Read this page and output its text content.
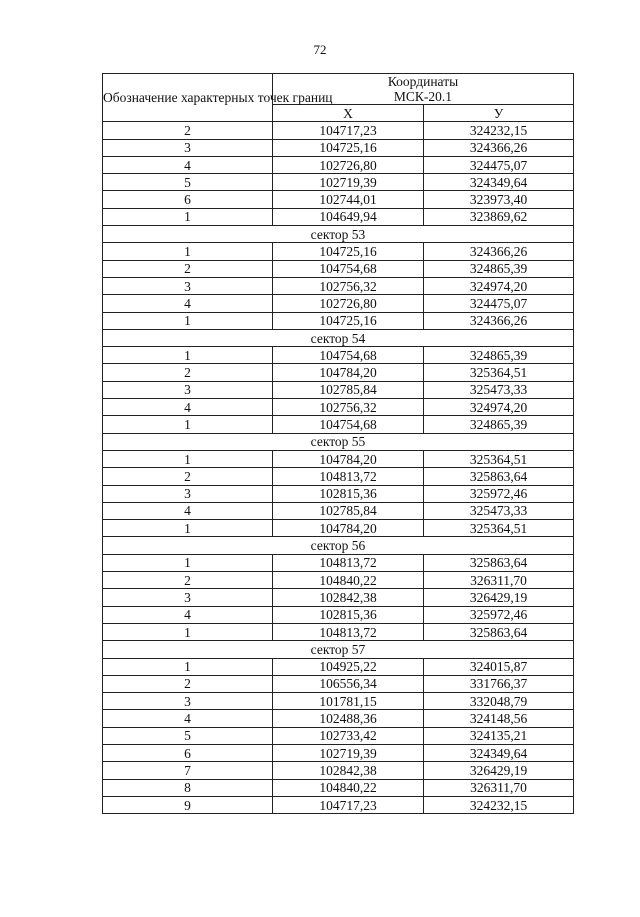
72
Обозначение характерных точек границ	Координаты
МСК-20.1	

	Х	У
2	104717,23	324232,15
3	104725,16	324366,26
4	102726,80	324475,07
5	102719,39	324349,64
6	102744,01	323973,40
1	104649,94	323869,62
сектор 53		
1	104725,16	324366,26
2	104754,68	324865,39
3	102756,32	324974,20
4	102726,80	324475,07
1	104725,16	324366,26
сектор 54		
1	104754,68	324865,39
2	104784,20	325364,51
3	102785,84	325473,33
4	102756,32	324974,20
1	104754,68	324865,39
сектор 55		
1	104784,20	325364,51
2	104813,72	325863,64
3	102815,36	325972,46
4	102785,84	325473,33
1	104784,20	325364,51
сектор 56		
1	104813,72	325863,64
2	104840,22	326311,70
3	102842,38	326429,19
4	102815,36	325972,46
1	104813,72	325863,64
сектор 57		
1	104925,22	324015,87
2	106556,34	331766,37
3	101781,15	332048,79
4	102488,36	324148,56
5	102733,42	324135,21
6	102719,39	324349,64
7	102842,38	326429,19
8	104840,22	326311,70
9	104717,23	324232,15
